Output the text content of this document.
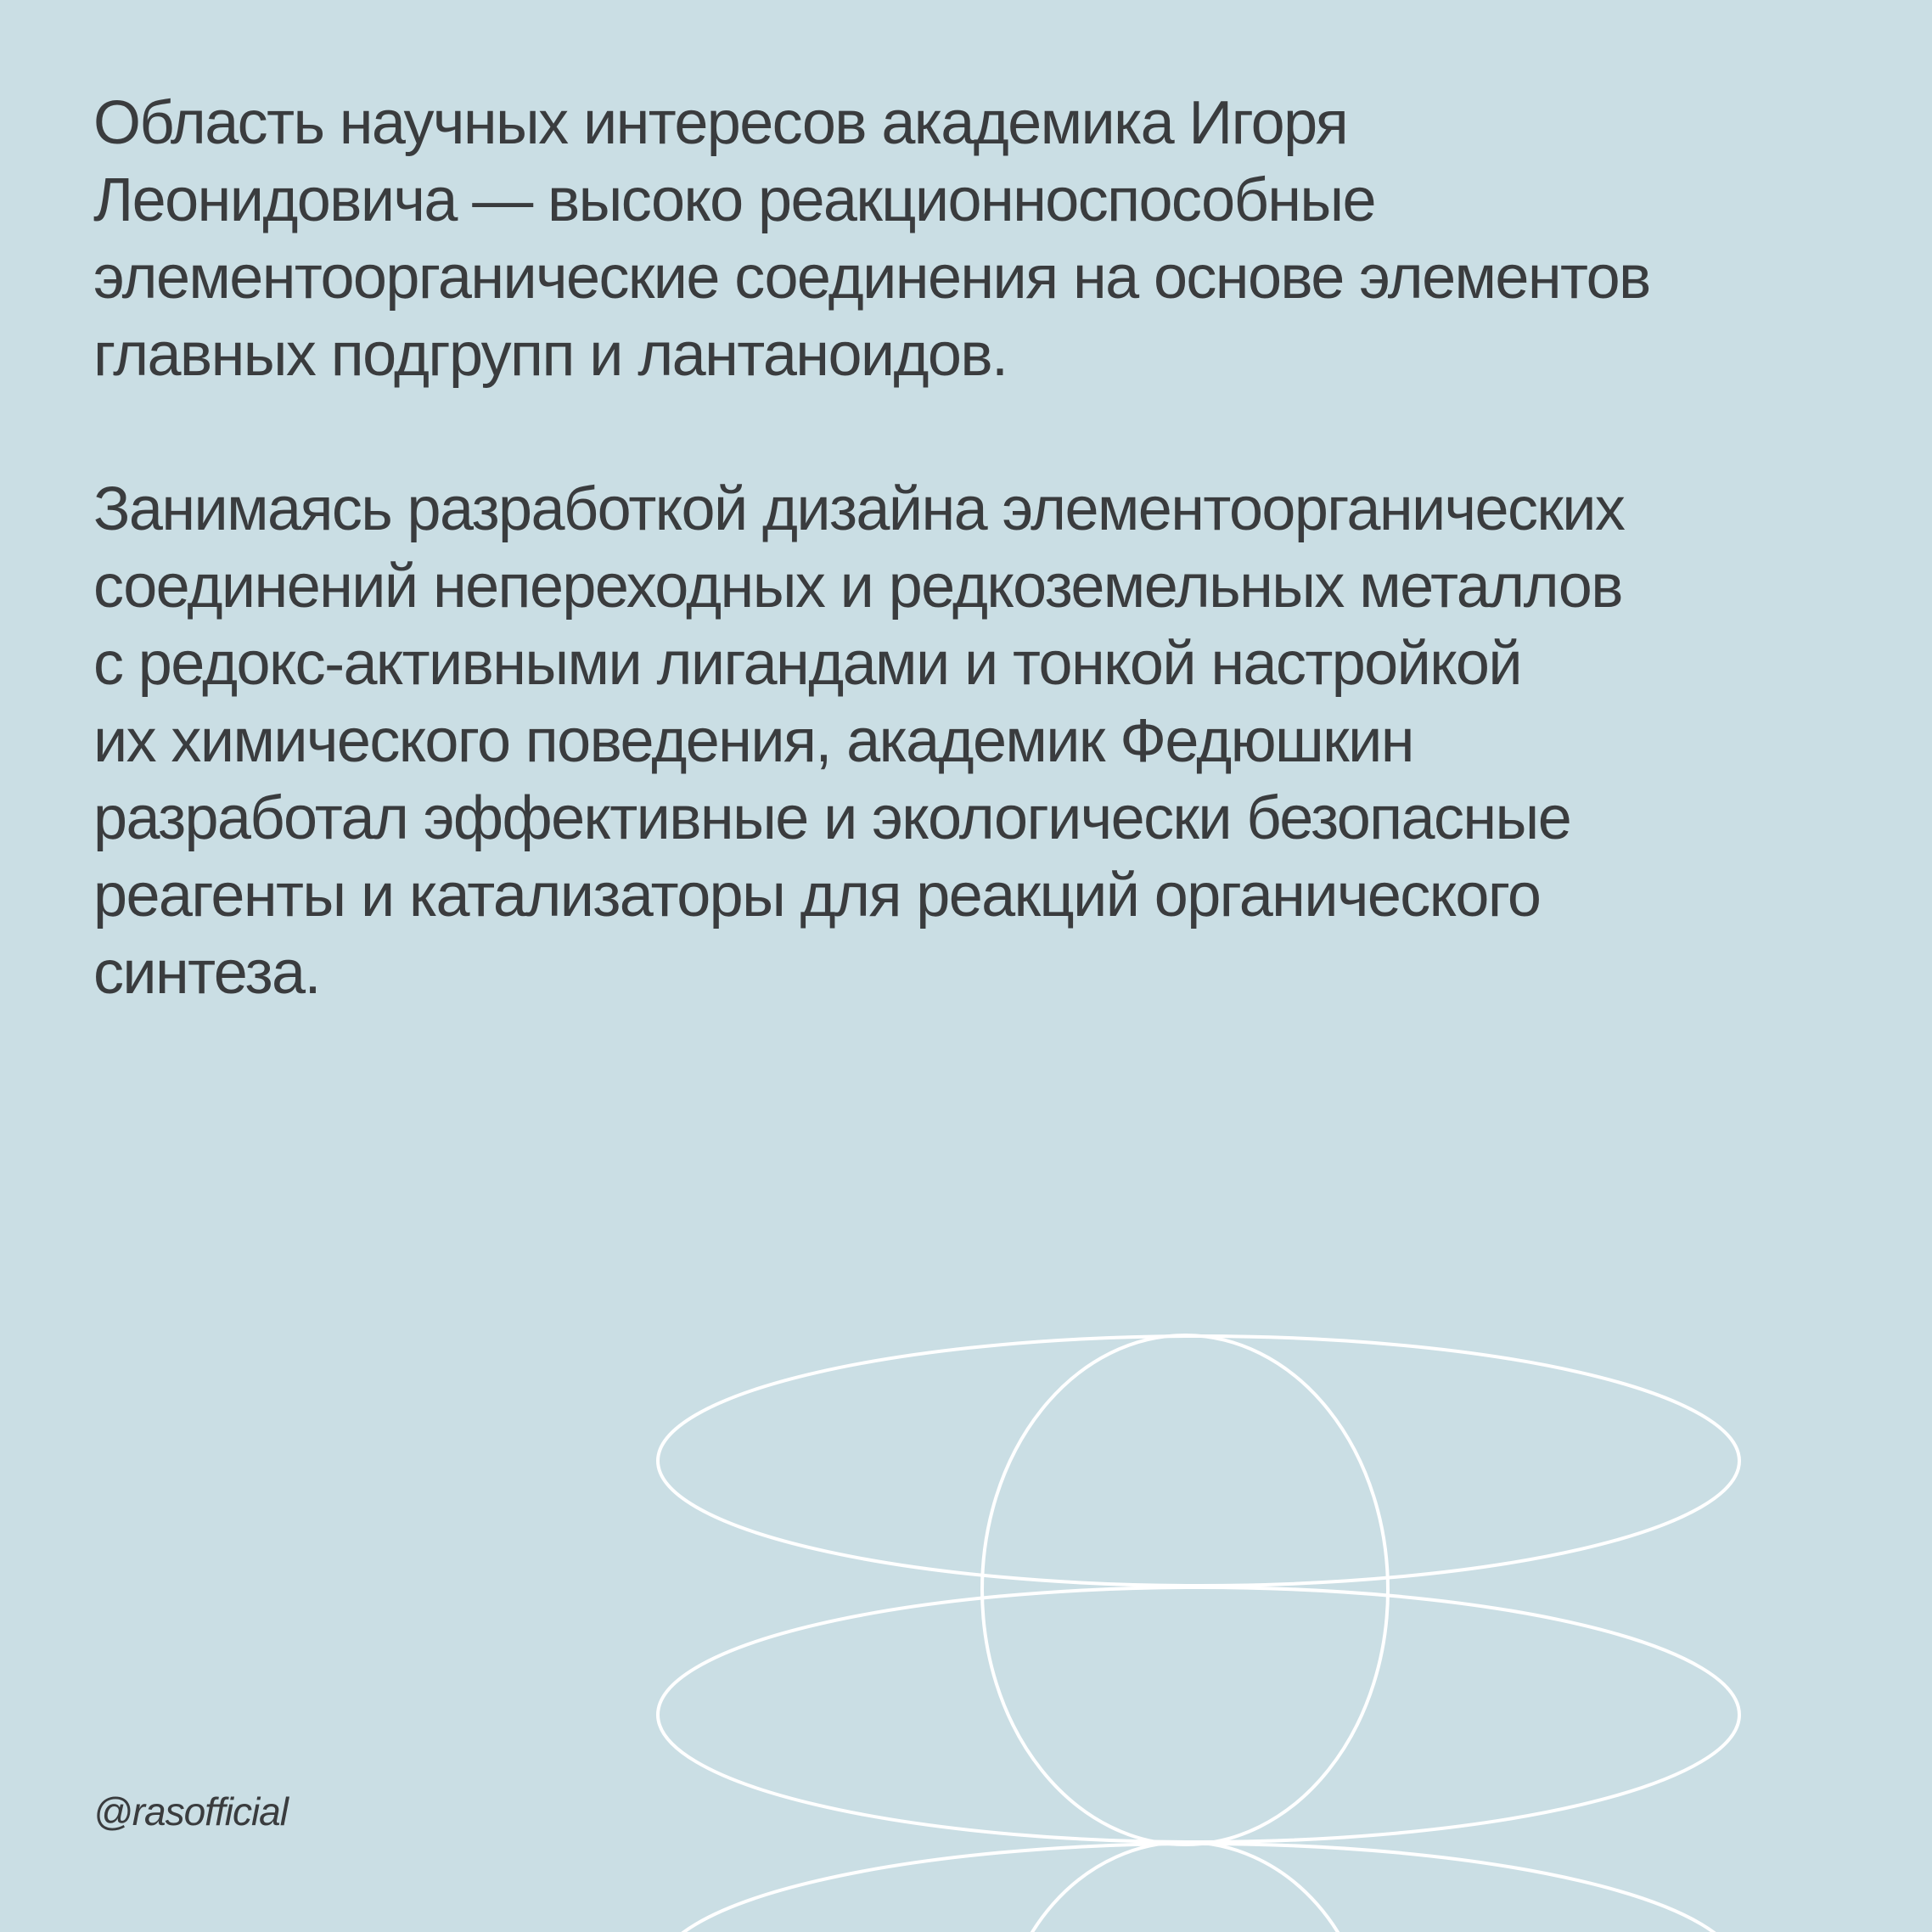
Область научных интересов академика Игоря
Леонидовича — высоко реакционноспособные
элементоорганические соединения на основе элементов
главных подгрупп и лантаноидов.

Занимаясь разработкой дизайна элементоорганических
соединений непереходных и редкоземельных металлов
с редокс-активными лигандами и тонкой настройкой
их химического поведения, академик Федюшкин
разработал эффективные и экологически безопасные
реагенты и катализаторы для реакций органического
синтеза.

@rasofficial
